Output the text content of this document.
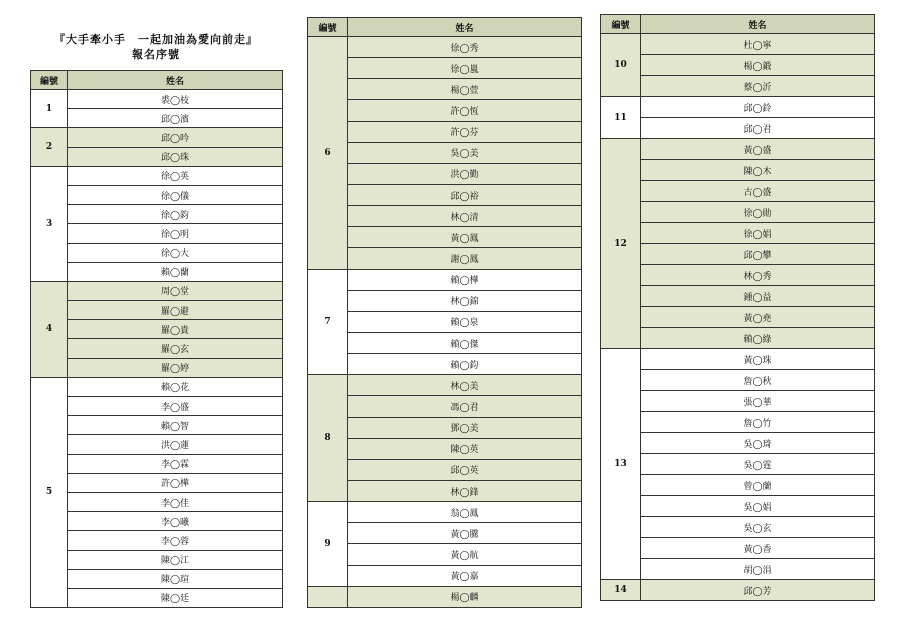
『大手牽小手　一起加油為愛向前走』
報名序號
編號	姓名
1	裘◯枝
	邱◯濱
2	邱◯吟
	邱◯珠
3	徐◯英
	徐◯儀
	徐◯鈞
	徐◯明
	徐◯大
	賴◯蘭
4	周◯堂
	羅◯避
	羅◯貴
	羅◯玄
	羅◯婷
5	賴◯花
	李◯盛
	賴◯智
	洪◯蓮
	李◯霖
	許◯樺
	李◯佳
	李◯曦
	李◯蓉
	陳◯江
	陳◯瑄
	陳◯廷
編號	姓名
6	徐◯秀
	徐◯嵐
	楊◯萱
	許◯恆
	許◯芬
	吳◯美
	洪◯勤
	邱◯裕
	林◯清
	黃◯鳳
	謝◯鳳
7	賴◯樺
	林◯錦
	賴◯泉
	賴◯傑
	賴◯鈞
8	林◯美
	馮◯君
	鄧◯美
	陳◯英
	邱◯英
	林◯鋒
9	翁◯鳳
	黃◯騰
	黃◯航
	黃◯嘉
	楊◯麟
編號	姓名
10	杜◯寧
	楊◯鍛
	蔡◯沂
11	邱◯鈴
	邱◯君
12	黃◯盛
	陳◯木
	古◯盛
	徐◯勛
	徐◯娟
	邱◯攀
	林◯秀
	鍾◯益
	黃◯堯
	賴◯綠
13	黃◯珠
	詹◯秋
	張◯華
	詹◯竹
	吳◯琦
	吳◯霆
	曾◯蘭
	吳◯娟
	吳◯玄
	黃◯香
	胡◯涓
14	邱◯芳
